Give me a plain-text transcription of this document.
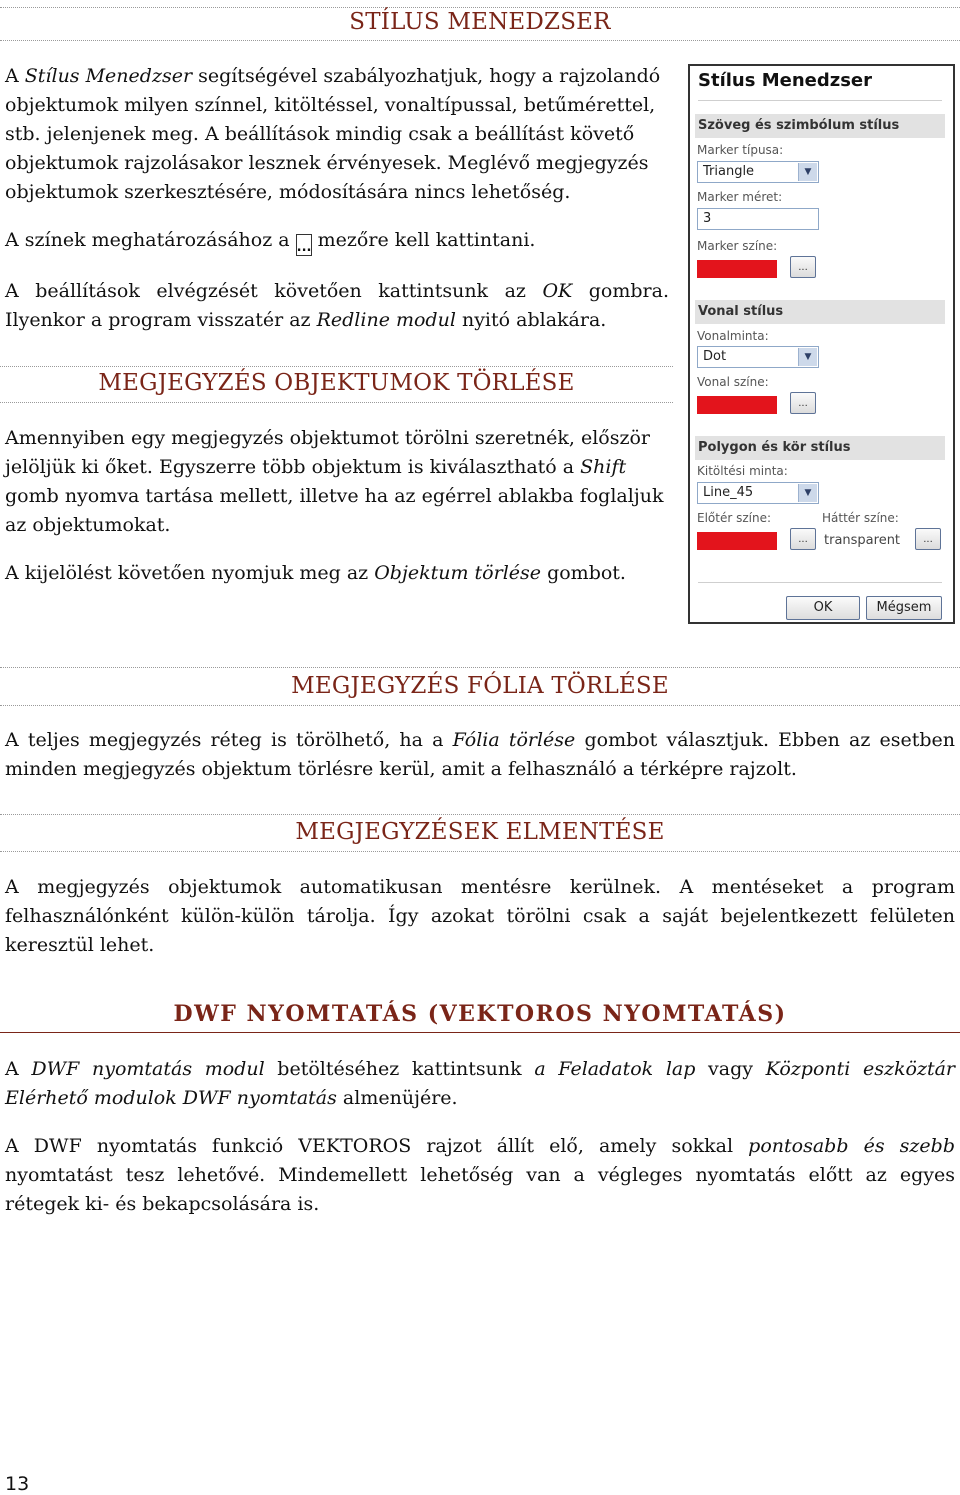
STÍLUS MENEDZSER
A Stílus Menedzser segítségével szabályozhatjuk, hogy a rajzolandó objektumok milyen színnel, kitöltéssel, vonaltípussal, betűmérettel, stb. jelenjenek meg. A beállítások mindig csak a beállítást követő objektumok rajzolásakor lesznek érvényesek. Meglévő megjegyzés objektumok szerkesztésére, módosítására nincs lehetőség.
A színek meghatározásához a ... mezőre kell kattintani.
A beállítások elvégzését követően kattintsunk az OK gombra. Ilyenkor a program visszatér az Redline modul nyitó ablakára.
MEGJEGYZÉS OBJEKTUMOK TÖRLÉSE
Amennyiben egy megjegyzés objektumot törölni szeretnék, először jelöljük ki őket. Egyszerre több objektum is kiválasztható a Shift gomb nyomva tartása mellett, illetve ha az egérrel ablakba foglaljuk az objektumokat.
A kijelölést követően nyomjuk meg az Objektum törlése gombot.
Stílus Menedzser
Szöveg és szimbólum stílus
Marker típusa:
Triangle	▼
Marker méret:
3
Marker színe:
...
Vonal stílus
Vonalminta:
Dot	▼
Vonal színe:
...
Polygon és kör stílus
Kitöltési minta:
Line_45	▼
Előtér színe:	Háttér színe:
...	transparent	...
OK	Mégsem
MEGJEGYZÉS FÓLIA TÖRLÉSE
A teljes megjegyzés réteg is törölhető, ha a Fólia törlése gombot választjuk. Ebben az esetben minden megjegyzés objektum törlésre kerül, amit a felhasználó a térképre rajzolt.
MEGJEGYZÉSEK ELMENTÉSE
A megjegyzés objektumok automatikusan mentésre kerülnek. A mentéseket a program felhasználónként külön-külön tárolja. Így azokat törölni csak a saját bejelentkezett felületen keresztül lehet.
DWF NYOMTATÁS (VEKTOROS NYOMTATÁS)
A DWF nyomtatás modul betöltéséhez kattintsunk a Feladatok lap vagy Központi eszköztár Elérhető modulok DWF nyomtatás almenüjére.
A DWF nyomtatás funkció VEKTOROS rajzot állít elő, amely sokkal pontosabb és szebb nyomtatást tesz lehetővé. Mindemellett lehetőség van a végleges nyomtatás előtt az egyes rétegek ki- és bekapcsolására is.
13
